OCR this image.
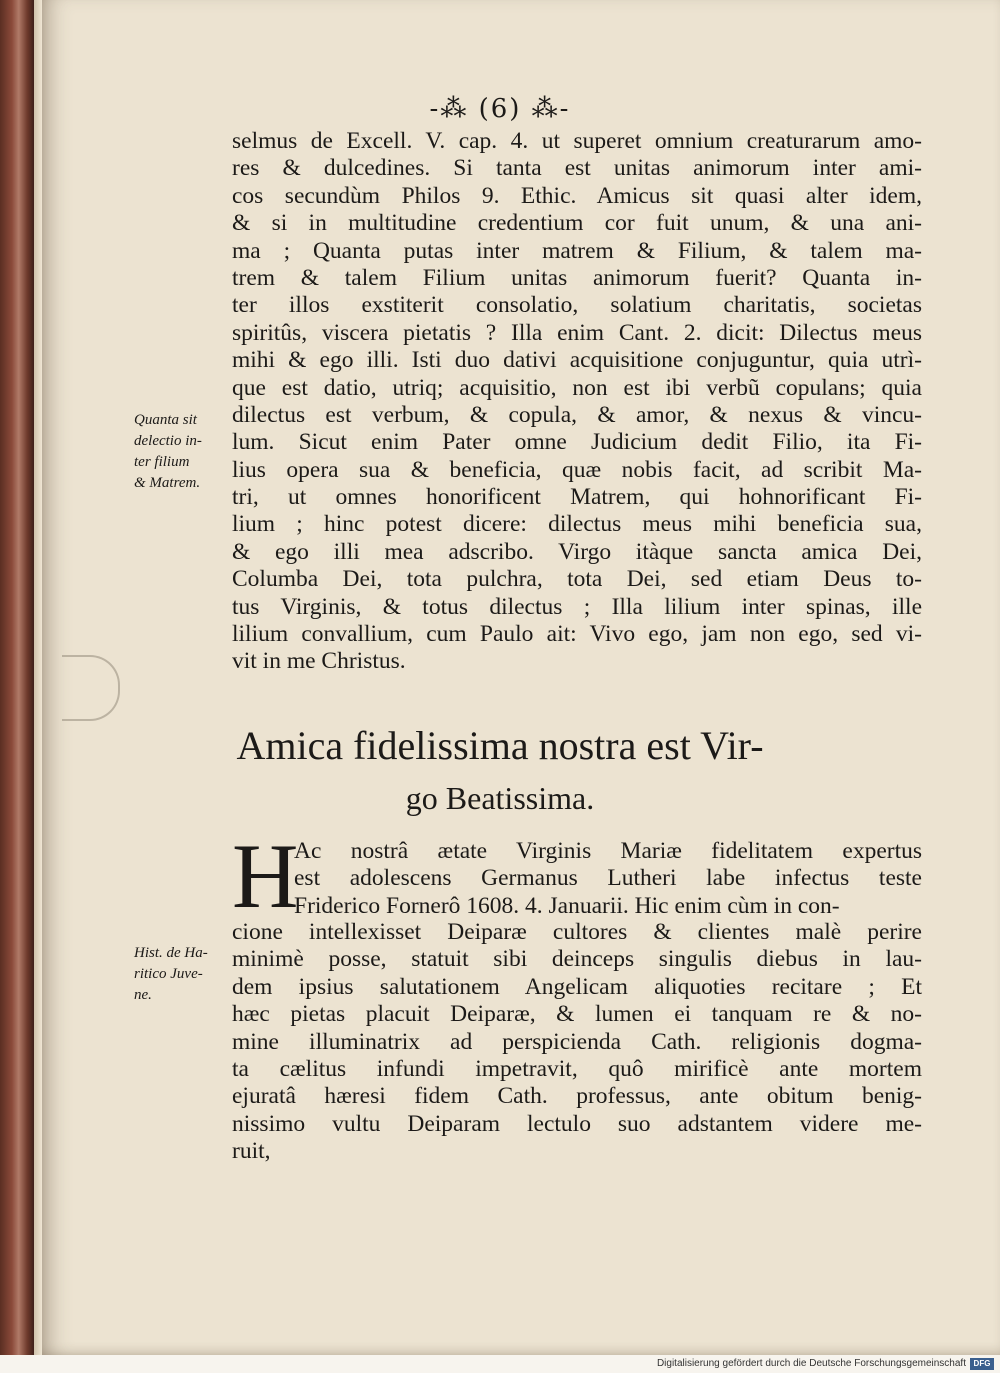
-⁂ (6) ⁂-
selmus de Excell. V. cap. 4. ut superet omnium creaturarum amo-
res & dulcedines. Si tanta est unitas animorum inter ami-
cos secundùm Philos 9. Ethic. Amicus sit quasi alter idem,
& si in multitudine credentium cor fuit unum, & una ani-
ma ; Quanta putas inter matrem & Filium, & talem ma-
trem & talem Filium unitas animorum fuerit? Quanta in-
ter illos exstiterit consolatio, solatium charitatis, societas
spiritûs, viscera pietatis ? Illa enim Cant. 2. dicit: Dilectus meus
mihi & ego illi. Isti duo dativi acquisitione conjuguntur, quia utrì-
que est datio, utriq; acquisitio, non est ibi verbũ copulans; quia
dilectus est verbum, & copula, & amor, & nexus & vincu-
lum. Sicut enim Pater omne Judicium dedit Filio, ita Fi-
lius opera sua & beneficia, quæ nobis facit, ad scribit Ma-
tri, ut omnes honorificent Matrem, qui hohnorificant Fi-
lium ; hinc potest dicere: dilectus meus mihi beneficia sua,
& ego illi mea adscribo. Virgo itàque sancta amica Dei,
Columba Dei, tota pulchra, tota Dei, sed etiam Deus to-
tus Virginis, & totus dilectus ; Illa lilium inter spinas, ille
lilium convallium, cum Paulo ait: Vivo ego, jam non ego, sed vi-
vit in me Christus.
Quanta sit
delectio in-
ter filium
& Matrem.
Amica fidelissima nostra est Vir-
go Beatissima.
H
Ac nostrâ ætate Virginis Mariæ fidelitatem expertus
est adolescens Germanus Lutheri labe infectus teste
Friderico Fornerô 1608. 4. Januarii. Hic enim cùm in con-
cione intellexisset Deiparæ cultores & clientes malè perire
minimè posse, statuit sibi deinceps singulis diebus in lau-
dem ipsius salutationem Angelicam aliquoties recitare ; Et
hæc pietas placuit Deiparæ, & lumen ei tanquam re & no-
mine illuminatrix ad perspicienda Cath. religionis dogma-
ta cælitus infundi impetravit, quô mirificè ante mortem
ejuratâ hæresi fidem Cath. professus, ante obitum benig-
nissimo vultu Deiparam lectulo suo adstantem videre me-
ruit,
Hist. de Ha-
ritico Juve-
ne.
Digitalisierung gefördert durch die Deutsche Forschungsgemeinschaft DFG
